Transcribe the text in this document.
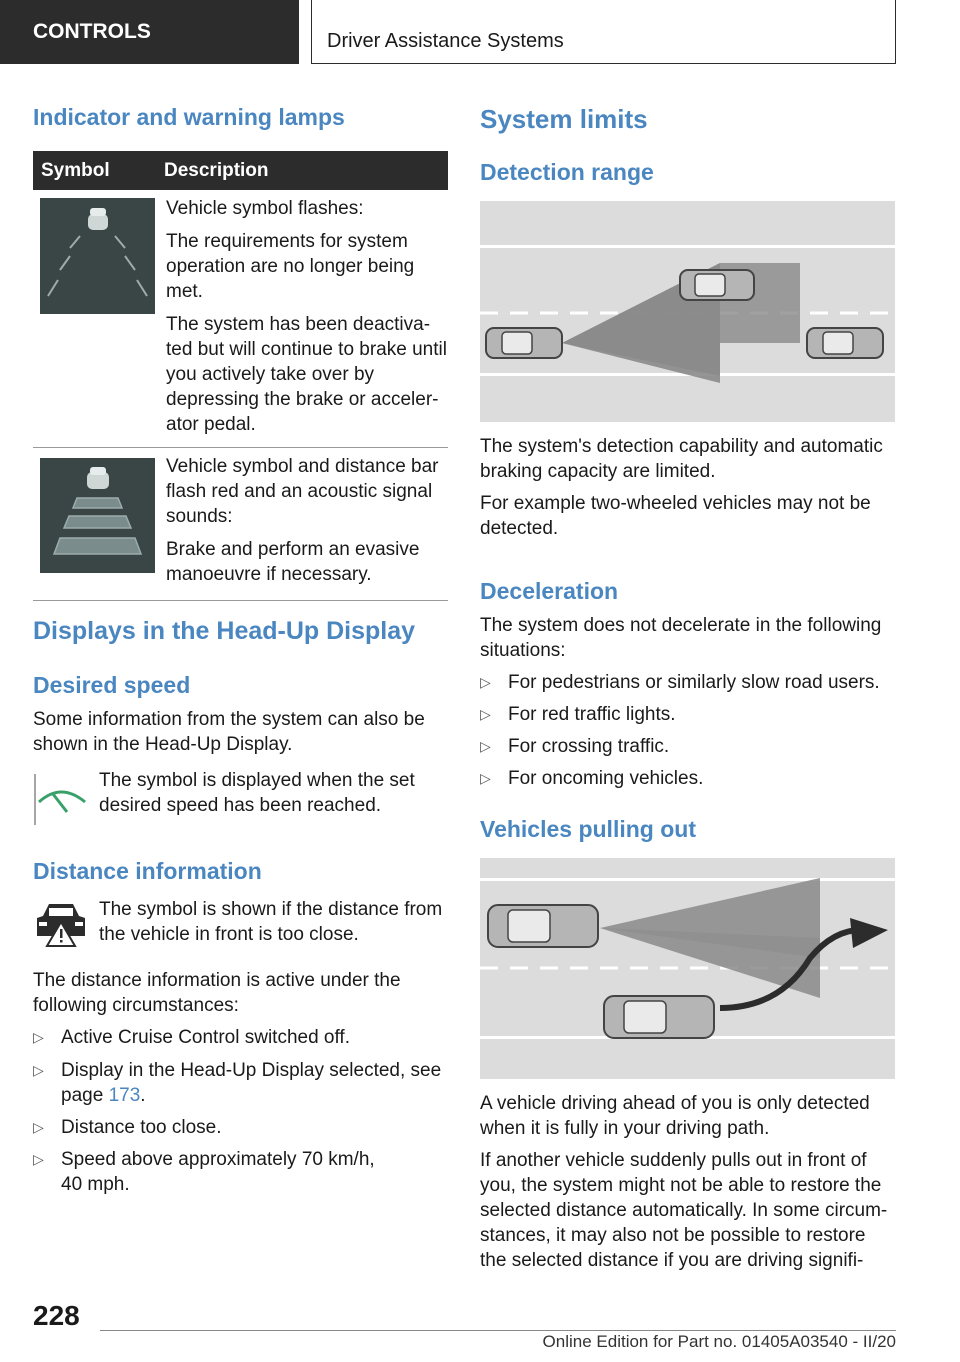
CONTROLS	Driver Assistance Systems
Indicator and warning lamps
Symbol	Description

Vehicle symbol flashes:

The requirements for system operation are no longer being met.

The system has been deactiva- ted but will continue to brake until you actively take over by depressing the brake or acceler- ator pedal.

Vehicle symbol and distance bar flash red and an acoustic signal sounds:

Brake and perform an evasive manoeuvre if necessary.

Displays in the Head-Up Display
Desired speed

Some information from the system can also be shown in the Head-Up Display.

The symbol is displayed when the set desired speed has been reached.

Distance information

The symbol is shown if the distance from the vehicle in front is too close.

The distance information is active under the following circumstances:

▷ Active Cruise Control switched off.
▷ Display in the Head-Up Display selected, see
page 173.
▷ Distance too close.
▷ Speed above approximately 70 km/h,
40 mph.
System limits
Detection range

The system's detection capability and automatic braking capacity are limited.

For example two-wheeled vehicles may not be detected.

Deceleration

The system does not decelerate in the following situations:

▷ For pedestrians or similarly slow road users.
▷ For red traffic lights.
▷ For crossing traffic.
▷ For oncoming vehicles.
Vehicles pulling out

A vehicle driving ahead of you is only detected when it is fully in your driving path.

If another vehicle suddenly pulls out in front of you, the system might not be able to restore the selected distance automatically. In some circum- stances, it may also not be possible to restore the selected distance if you are driving signifi-

228
Online Edition for Part no. 01405A03540 - II/20
